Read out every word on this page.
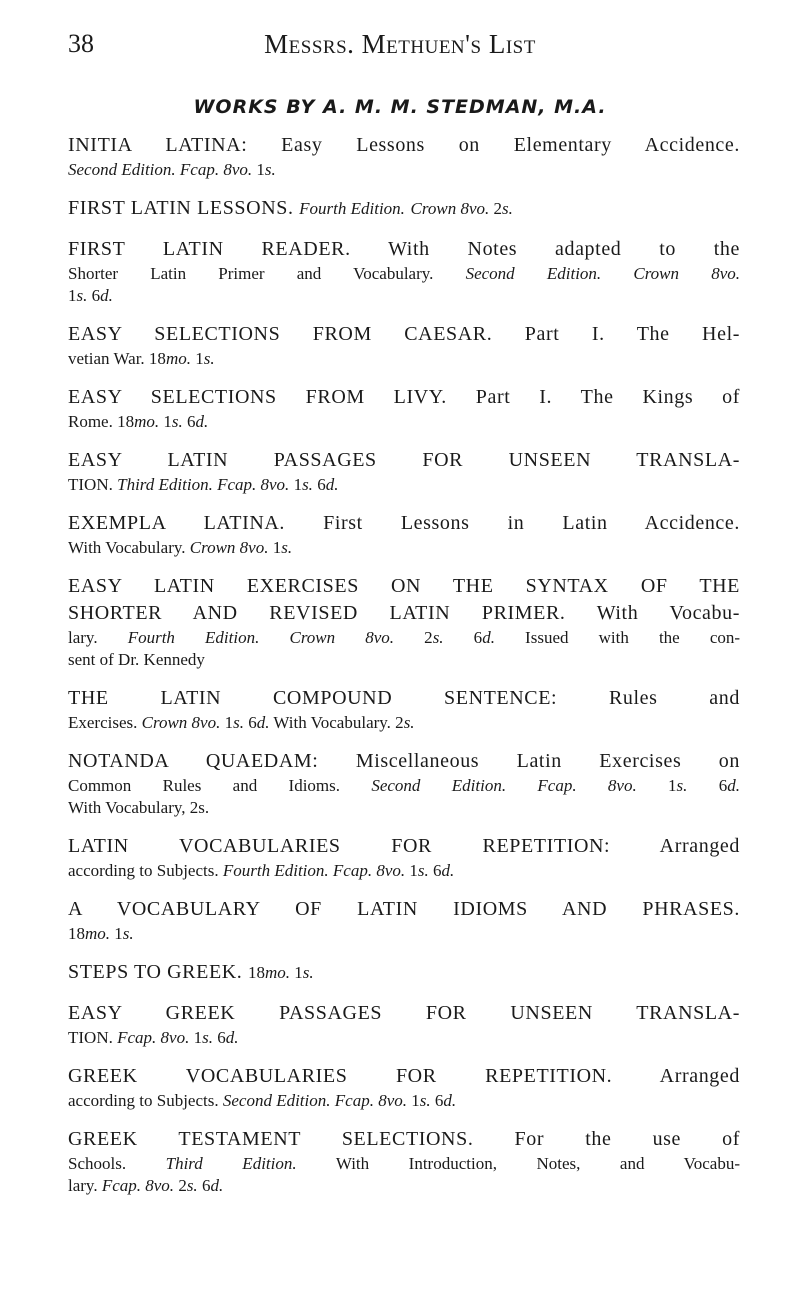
38	Messrs. Methuen's List
WORKS BY A. M. M. STEDMAN, M.A.
INITIA LATINA: Easy Lessons on Elementary Accidence.
Second Edition. Fcap. 8vo. 1s.
FIRST LATIN LESSONS. Fourth Edition. Crown 8vo. 2s.
FIRST LATIN READER. With Notes adapted to the
Shorter Latin Primer and Vocabulary. Second Edition. Crown 8vo.
1s. 6d.
EASY SELECTIONS FROM CAESAR. Part I. The Hel-
vetian War. 18mo. 1s.
EASY SELECTIONS FROM LIVY. Part I. The Kings of
Rome. 18mo. 1s. 6d.
EASY LATIN PASSAGES FOR UNSEEN TRANSLA-
TION. Third Edition. Fcap. 8vo. 1s. 6d.
EXEMPLA LATINA. First Lessons in Latin Accidence.
With Vocabulary. Crown 8vo. 1s.
EASY LATIN EXERCISES ON THE SYNTAX OF THE
SHORTER AND REVISED LATIN PRIMER. With Vocabu-
lary. Fourth Edition. Crown 8vo. 2s. 6d. Issued with the con-
sent of Dr. Kennedy
THE LATIN COMPOUND SENTENCE: Rules and
Exercises. Crown 8vo. 1s. 6d. With Vocabulary. 2s.
NOTANDA QUAEDAM: Miscellaneous Latin Exercises on
Common Rules and Idioms. Second Edition. Fcap. 8vo. 1s. 6d.
With Vocabulary, 2s.
LATIN VOCABULARIES FOR REPETITION: Arranged
according to Subjects. Fourth Edition. Fcap. 8vo. 1s. 6d.
A VOCABULARY OF LATIN IDIOMS AND PHRASES.
18mo. 1s.
STEPS TO GREEK. 18mo. 1s.
EASY GREEK PASSAGES FOR UNSEEN TRANSLA-
TION. Fcap. 8vo. 1s. 6d.
GREEK VOCABULARIES FOR REPETITION. Arranged
according to Subjects. Second Edition. Fcap. 8vo. 1s. 6d.
GREEK TESTAMENT SELECTIONS. For the use of
Schools. Third Edition. With Introduction, Notes, and Vocabu-
lary. Fcap. 8vo. 2s. 6d.
